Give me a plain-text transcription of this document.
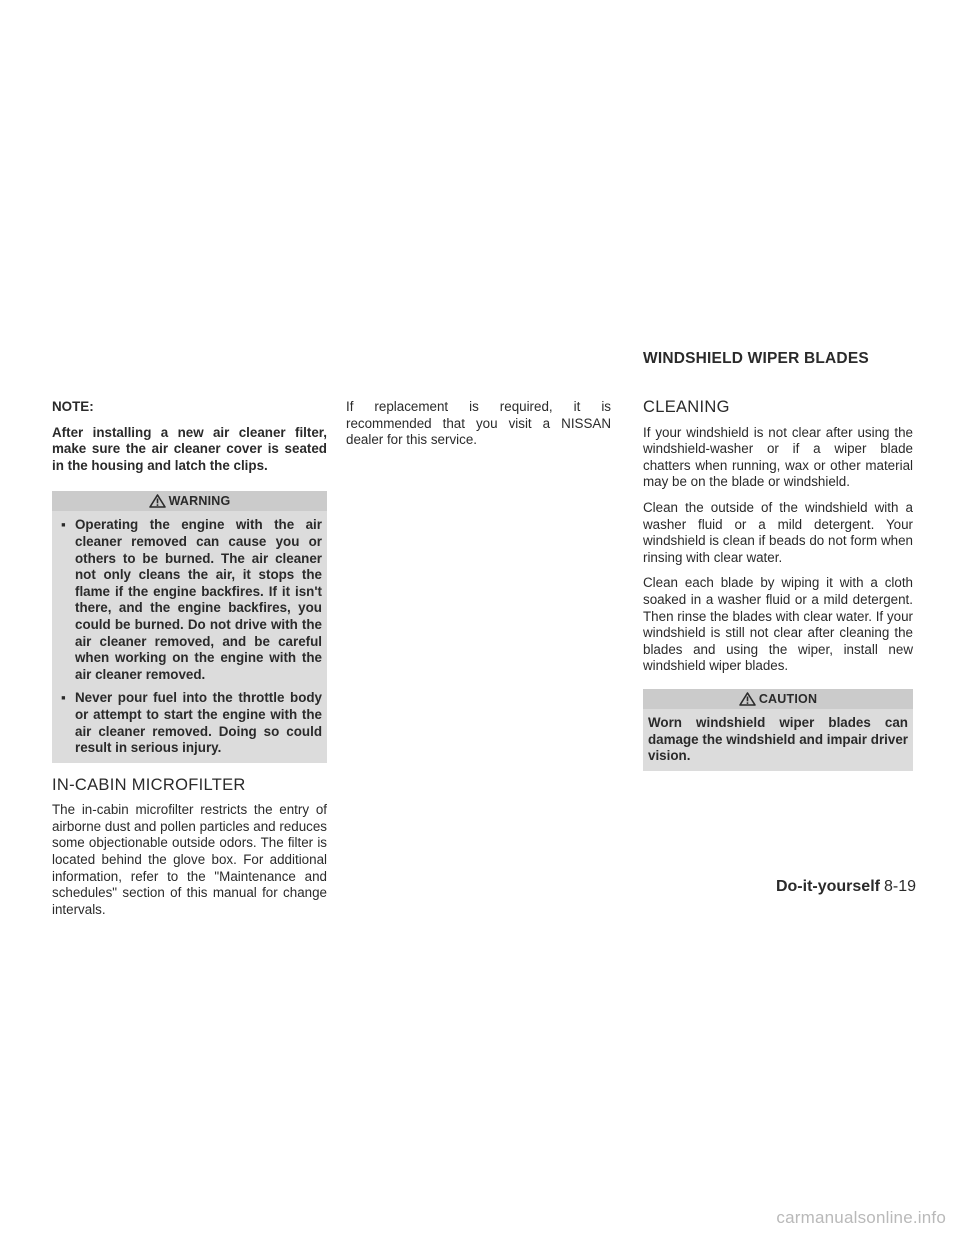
WINDSHIELD WIPER BLADES
NOTE:
After installing a new air cleaner filter, make sure the air cleaner cover is seated in the housing and latch the clips.
WARNING
▪ Operating the engine with the air cleaner removed can cause you or others to be burned. The air cleaner not only cleans the air, it stops the flame if the engine backfires. If it isn't there, and the engine backfires, you could be burned. Do not drive with the air cleaner removed, and be careful when working on the engine with the air cleaner removed.
▪ Never pour fuel into the throttle body or attempt to start the engine with the air cleaner removed. Doing so could result in serious injury.
IN-CABIN MICROFILTER

The in-cabin microfilter restricts the entry of airborne dust and pollen particles and reduces some objectionable outside odors. The filter is located behind the glove box. For additional information, refer to the "Maintenance and schedules" section of this manual for change intervals.

If replacement is required, it is recommended that you visit a NISSAN dealer for this service.

CLEANING

If your windshield is not clear after using the windshield-washer or if a wiper blade chatters when running, wax or other material may be on the blade or windshield.

Clean the outside of the windshield with a washer fluid or a mild detergent. Your windshield is clean if beads do not form when rinsing with clear water.

Clean each blade by wiping it with a cloth soaked in a washer fluid or a mild detergent. Then rinse the blades with clear water. If your windshield is still not clear after cleaning the blades and using the wiper, install new windshield wiper blades.

CAUTION
Worn windshield wiper blades can damage the windshield and impair driver vision.
Do-it-yourself 8-19
carmanualsonline.info
